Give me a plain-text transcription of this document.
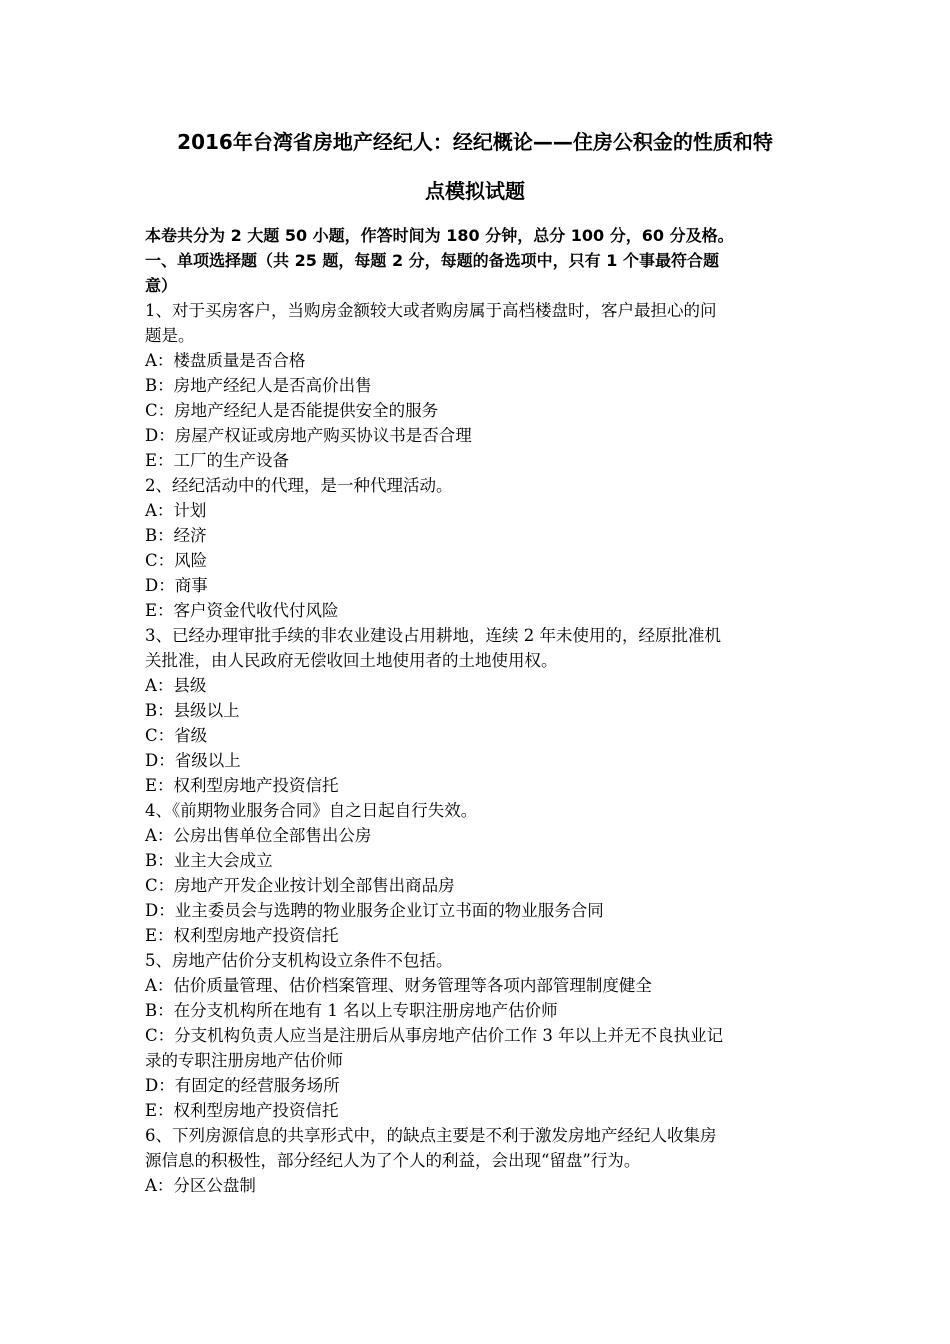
2016年台湾省房地产经纪人：经纪概论——住房公积金的性质和特
点模拟试题
本卷共分为 2 大题 50 小题，作答时间为 180 分钟，总分 100 分，60 分及格。
一、单项选择题（共 25 题，每题 2 分，每题的备选项中，只有 1 个事最符合题
意）
1、对于买房客户，当购房金额较大或者购房属于高档楼盘时，客户最担心的问
题是。
A：楼盘质量是否合格
B：房地产经纪人是否高价出售
C：房地产经纪人是否能提供安全的服务
D：房屋产权证或房地产购买协议书是否合理
E：工厂的生产设备
2、经纪活动中的代理，是一种代理活动。
A：计划
B：经济
C：风险
D：商事
E：客户资金代收代付风险
3、已经办理审批手续的非农业建设占用耕地，连续 2 年未使用的，经原批准机
关批准，由人民政府无偿收回土地使用者的土地使用权。
A：县级
B：县级以上
C：省级
D：省级以上
E：权利型房地产投资信托
4、《前期物业服务合同》自之日起自行失效。
A：公房出售单位全部售出公房
B：业主大会成立
C：房地产开发企业按计划全部售出商品房
D：业主委员会与选聘的物业服务企业订立书面的物业服务合同
E：权利型房地产投资信托
5、房地产估价分支机构设立条件不包括。
A：估价质量管理、估价档案管理、财务管理等各项内部管理制度健全
B：在分支机构所在地有 1 名以上专职注册房地产估价师
C：分支机构负责人应当是注册后从事房地产估价工作 3 年以上并无不良执业记
录的专职注册房地产估价师
D：有固定的经营服务场所
E：权利型房地产投资信托
6、下列房源信息的共享形式中，的缺点主要是不利于激发房地产经纪人收集房
源信息的积极性，部分经纪人为了个人的利益，会出现“留盘”行为。
A：分区公盘制
